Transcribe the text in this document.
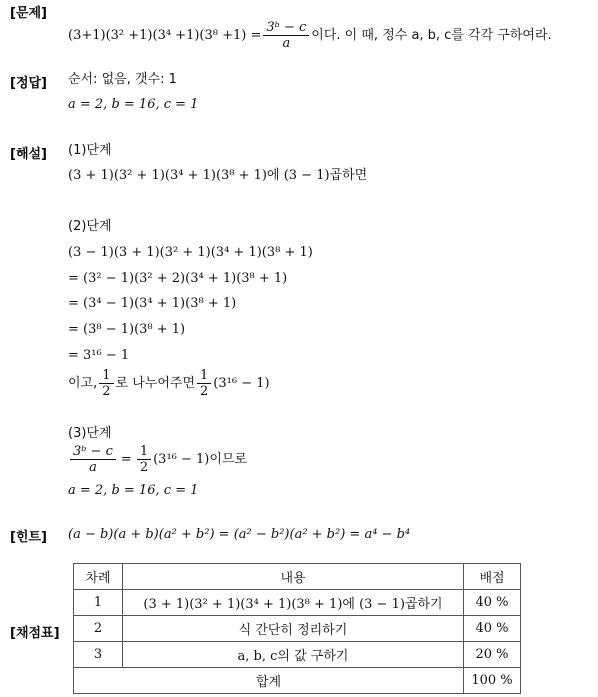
[문제]
[정답]
[해설]
[힌트]
[채점표]
$(3+1)(3^2 +1)(3^4 +1)(3^8 +1) = \frac{\text{3ᵇ − c}}{a}$ 이다. 이 때, 정수 a, b, c를 각각 구하여라.
순서: 없음, 갯수: 1
a = 2, b = 16, c = 1
(1)단계
(3 + 1)(3² + 1)(3⁴ + 1)(3⁸ + 1)에 (3 − 1)곱하면
(2)단계
(3 − 1)(3 + 1)(3² + 1)(3⁴ + 1)(3⁸ + 1)
= (3² − 1)(3² + 2)(3⁴ + 1)(3⁸ + 1)
= (3⁴ − 1)(3⁴ + 1)(3⁸ + 1)
= (3⁸ − 1)(3⁸ + 1)
= 3¹⁶ − 1
이고, $\frac{1}{2}$ 로 나누어주면 $\frac{1}{2} (3^{16} - 1)$
(3)단계
$\frac{\text{3ᵇ − c}}{a} = \frac{1}{2} (3^{16} - 1)$이므로
a = 2, b = 16, c = 1
(a − b)(a + b)(a² + b²) = (a² − b²)(a² + b²) = a⁴ − b⁴
차례	내용	배점
1	(3 + 1)(3² + 1)(3⁴ + 1)(3⁸ + 1)에 (3 − 1)곱하기	40 %
2	식 간단히 정리하기	40 %
3	a, b, c의 값 구하기	20 %
합계		100 %
